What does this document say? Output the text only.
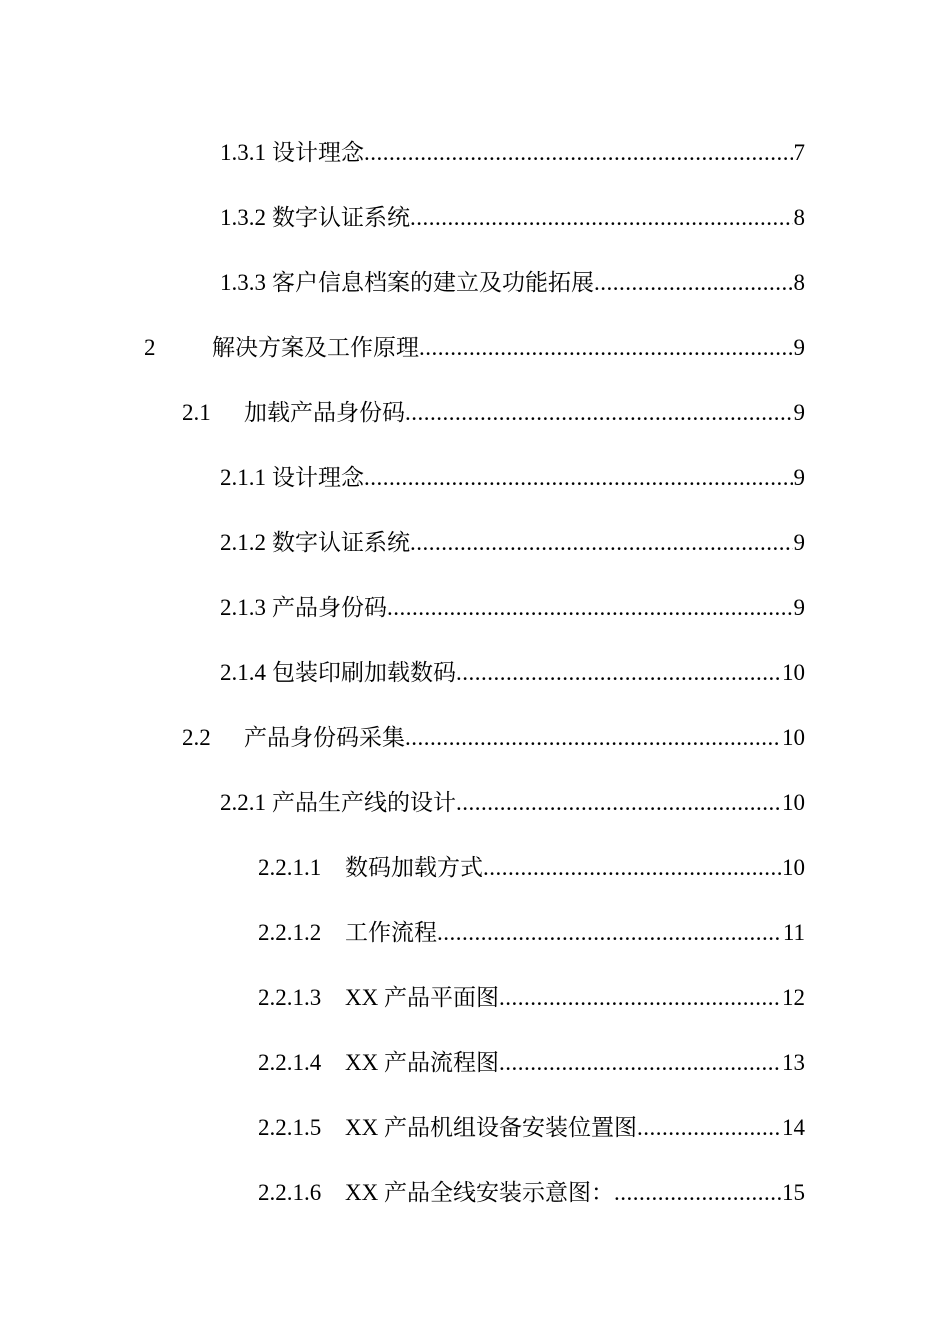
1.3.1 设计理念 .....	7
1.3.2 数字认证系统 .....	8
1.3.3 客户信息档案的建立及功能拓展 .....	8
2	解决方案及工作原理 .....	9
2.1	加载产品身份码 .....	9
2.1.1 设计理念 .....	9
2.1.2 数字认证系统 .....	9
2.1.3 产品身份码 .....	9
2.1.4 包装印刷加载数码 .....	10
2.2	产品身份码采集 .....	10
2.2.1 产品生产线的设计 .....	10
2.2.1.1	数码加载方式 .....	10
2.2.1.2	工作流程 .....	11
2.2.1.3	XX 产品平面图 .....	12
2.2.1.4	XX 产品流程图 .....	13
2.2.1.5	XX 产品机组设备安装位置图 .....	14
2.2.1.6	XX 产品全线安装示意图： .....	15
